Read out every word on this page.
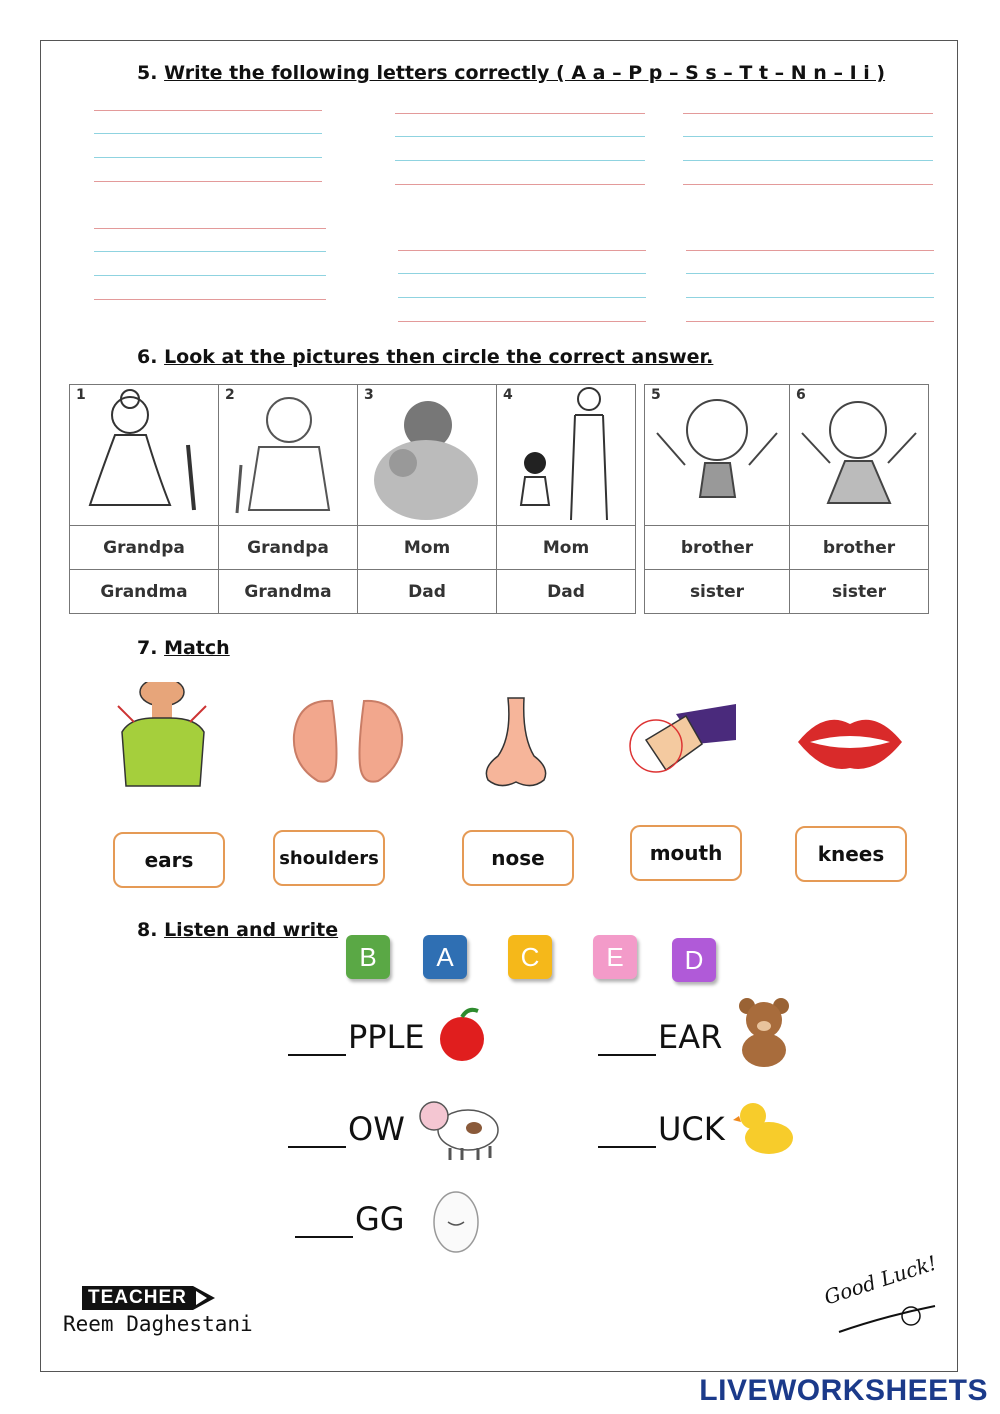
5. Write the following letters correctly ( A a – P p – S s – T t – N n – I i )
6. Look at the pictures then circle the correct answer.
1	2	3	4

Grandpa	Grandpa	Mom	Mom
Grandma	Grandma	Dad	Dad
5	6

brother	brother
sister	sister
7. Match
ears	shoulders	nose	mouth	knees
8. Listen and write
B	A	C	E	D
PPLE	EAR
OW	UCK
GG
TEACHER
Reem Daghestani
Good Luck!
LIVEWORKSHEETS
